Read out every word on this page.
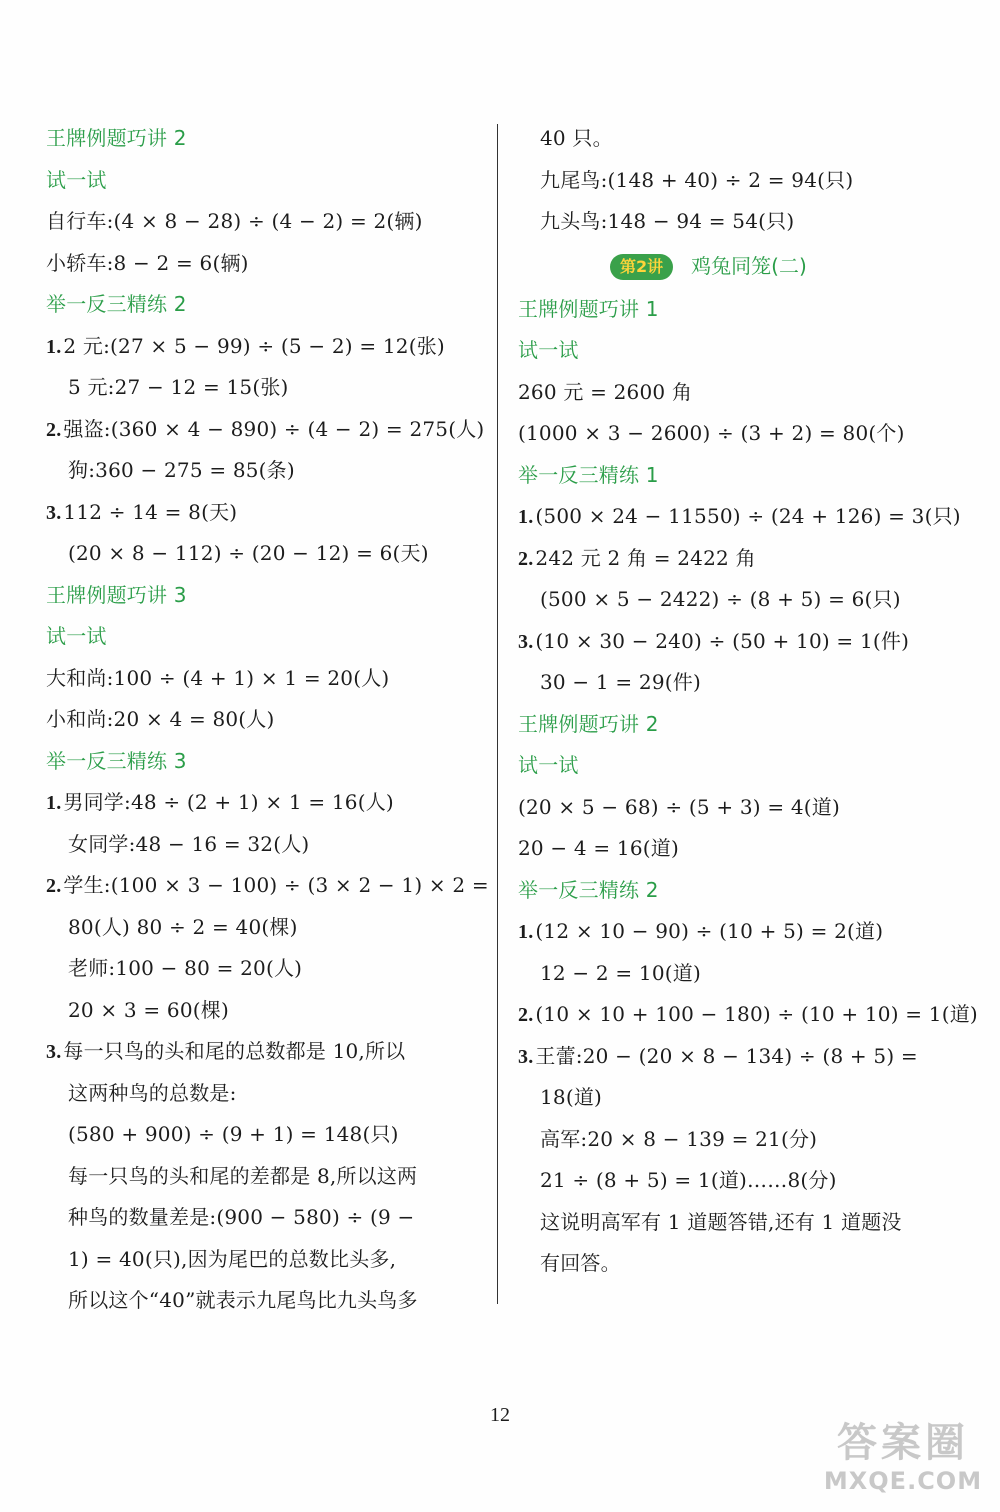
王牌例题巧讲 2
试一试
自行车:(4 × 8 − 28) ÷ (4 − 2) = 2(辆)
小轿车:8 − 2 = 6(辆)
举一反三精练 2
1. 2 元:(27 × 5 − 99) ÷ (5 − 2) = 12(张)
5 元:27 − 12 = 15(张)
2. 强盗:(360 × 4 − 890) ÷ (4 − 2) = 275(人)
狗:360 − 275 = 85(条)
3. 112 ÷ 14 = 8(天)
(20 × 8 − 112) ÷ (20 − 12) = 6(天)
王牌例题巧讲 3
试一试
大和尚:100 ÷ (4 + 1) × 1 = 20(人)
小和尚:20 × 4 = 80(人)
举一反三精练 3
1. 男同学:48 ÷ (2 + 1) × 1 = 16(人)
女同学:48 − 16 = 32(人)
2. 学生:(100 × 3 − 100) ÷ (3 × 2 − 1) × 2 =
80(人) 80 ÷ 2 = 40(棵)
老师:100 − 80 = 20(人)
20 × 3 = 60(棵)
3. 每一只鸟的头和尾的总数都是 10,所以
这两种鸟的总数是:
(580 + 900) ÷ (9 + 1) = 148(只)
每一只鸟的头和尾的差都是 8,所以这两
种鸟的数量差是:(900 − 580) ÷ (9 −
1) = 40(只),因为尾巴的总数比头多,
所以这个“40”就表示九尾鸟比九头鸟多
40 只。
九尾鸟:(148 + 40) ÷ 2 = 94(只)
九头鸟:148 − 94 = 54(只)
第2讲 鸡兔同笼(二)
王牌例题巧讲 1
试一试
260 元 = 2600 角
(1000 × 3 − 2600) ÷ (3 + 2) = 80(个)
举一反三精练 1
1. (500 × 24 − 11550) ÷ (24 + 126) = 3(只)
2. 242 元 2 角 = 2422 角
(500 × 5 − 2422) ÷ (8 + 5) = 6(只)
3. (10 × 30 − 240) ÷ (50 + 10) = 1(件)
30 − 1 = 29(件)
王牌例题巧讲 2
试一试
(20 × 5 − 68) ÷ (5 + 3) = 4(道)
20 − 4 = 16(道)
举一反三精练 2
1. (12 × 10 − 90) ÷ (10 + 5) = 2(道)
12 − 2 = 10(道)
2. (10 × 10 + 100 − 180) ÷ (10 + 10) = 1(道)
3. 王蕾:20 − (20 × 8 − 134) ÷ (8 + 5) =
18(道)
高军:20 × 8 − 139 = 21(分)
21 ÷ (8 + 5) = 1(道)……8(分)
这说明高军有 1 道题答错,还有 1 道题没
有回答。
12
答案圈
MXQE.COM
